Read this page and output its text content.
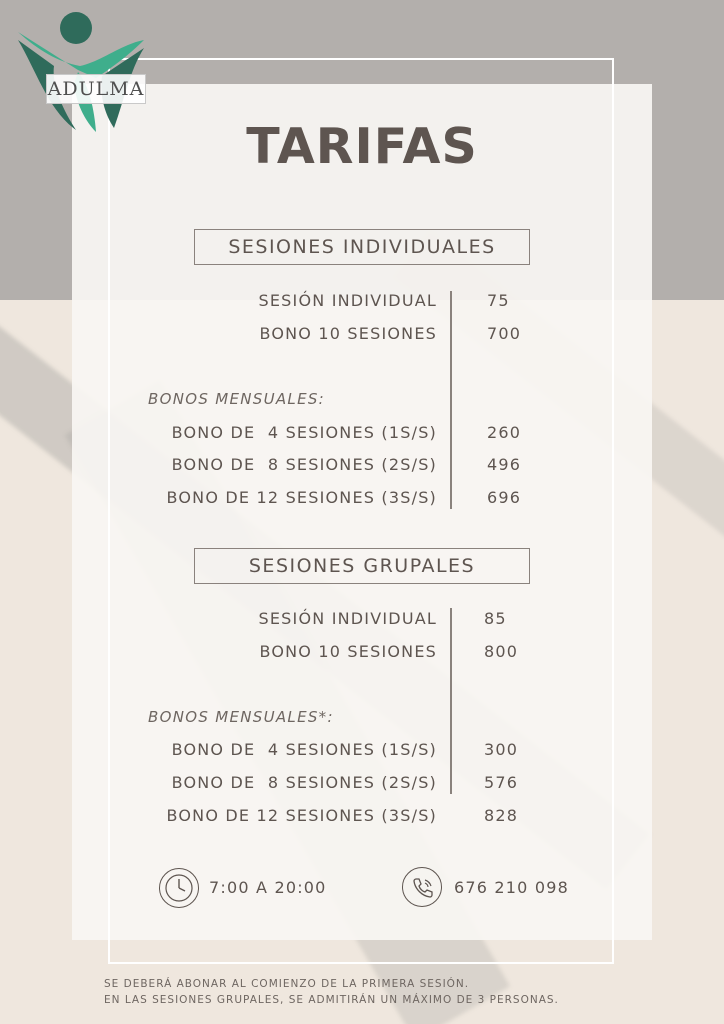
ADULMA
TARIFAS
SESIONES INDIVIDUALES
SESIÓN INDIVIDUAL	75
BONO 10 SESIONES	700
BONOS MENSUALES:
BONO DE  4 SESIONES (1S/S)	260
BONO DE  8 SESIONES (2S/S)	496
BONO DE 12 SESIONES (3S/S)	696
SESIONES GRUPALES
SESIÓN INDIVIDUAL	85
BONO 10 SESIONES	800
BONOS MENSUALES*:
BONO DE  4 SESIONES (1S/S)	300
BONO DE  8 SESIONES (2S/S)	576
BONO DE 12 SESIONES (3S/S)	828
7:00 A 20:00	676 210 098
SE DEBERÁ ABONAR AL COMIENZO DE LA PRIMERA SESIÓN.
EN LAS SESIONES GRUPALES, SE ADMITIRÁN UN MÁXIMO DE 3 PERSONAS.
